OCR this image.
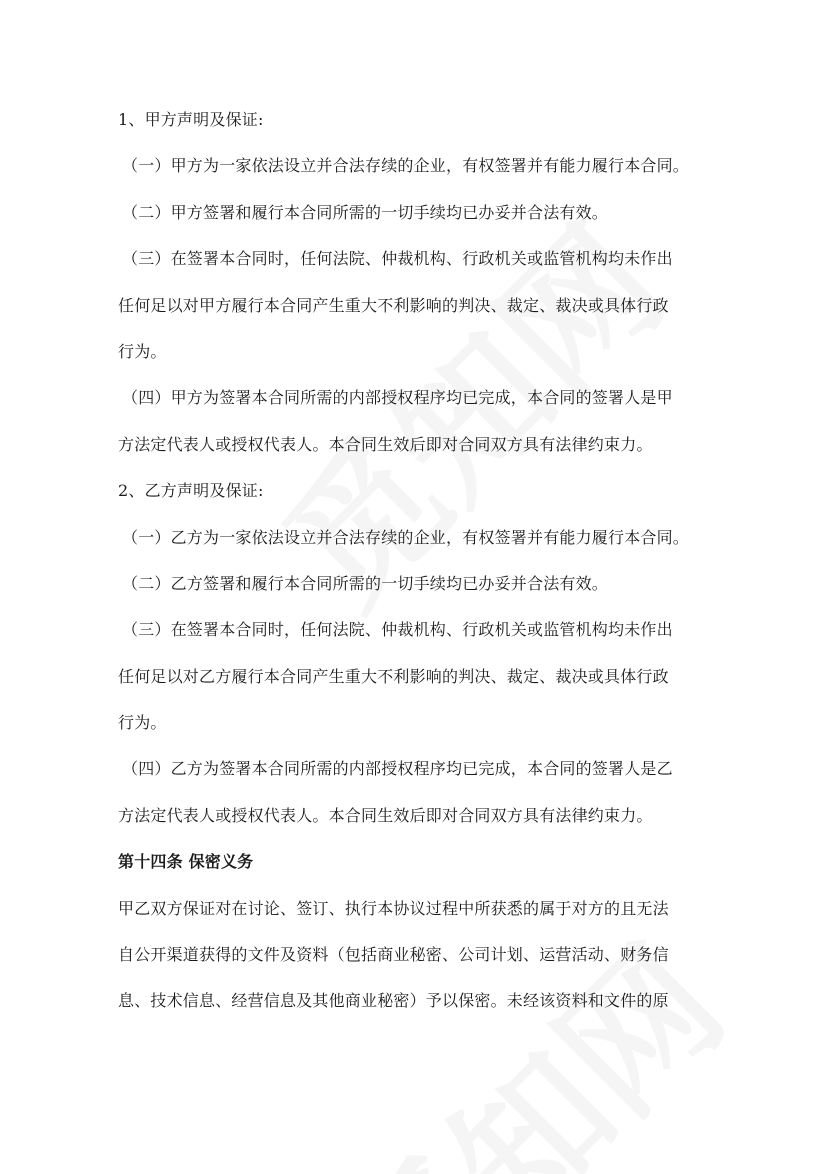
1、甲方声明及保证:
（一）甲方为一家依法设立并合法存续的企业，有权签署并有能力履行本合同。
（二）甲方签署和履行本合同所需的一切手续均已办妥并合法有效。
（三）在签署本合同时，任何法院、仲裁机构、行政机关或监管机构均未作出
任何足以对甲方履行本合同产生重大不利影响的判决、裁定、裁决或具体行政
行为。
（四）甲方为签署本合同所需的内部授权程序均已完成，本合同的签署人是甲
方法定代表人或授权代表人。本合同生效后即对合同双方具有法律约束力。
2、乙方声明及保证:
（一）乙方为一家依法设立并合法存续的企业，有权签署并有能力履行本合同。
（二）乙方签署和履行本合同所需的一切手续均已办妥并合法有效。
（三）在签署本合同时，任何法院、仲裁机构、行政机关或监管机构均未作出
任何足以对乙方履行本合同产生重大不利影响的判决、裁定、裁决或具体行政
行为。
（四）乙方为签署本合同所需的内部授权程序均已完成，本合同的签署人是乙
方法定代表人或授权代表人。本合同生效后即对合同双方具有法律约束力。
第十四条 保密义务
甲乙双方保证对在讨论、签订、执行本协议过程中所获悉的属于对方的且无法
自公开渠道获得的文件及资料（包括商业秘密、公司计划、运营活动、财务信
息、技术信息、经营信息及其他商业秘密）予以保密。未经该资料和文件的原
